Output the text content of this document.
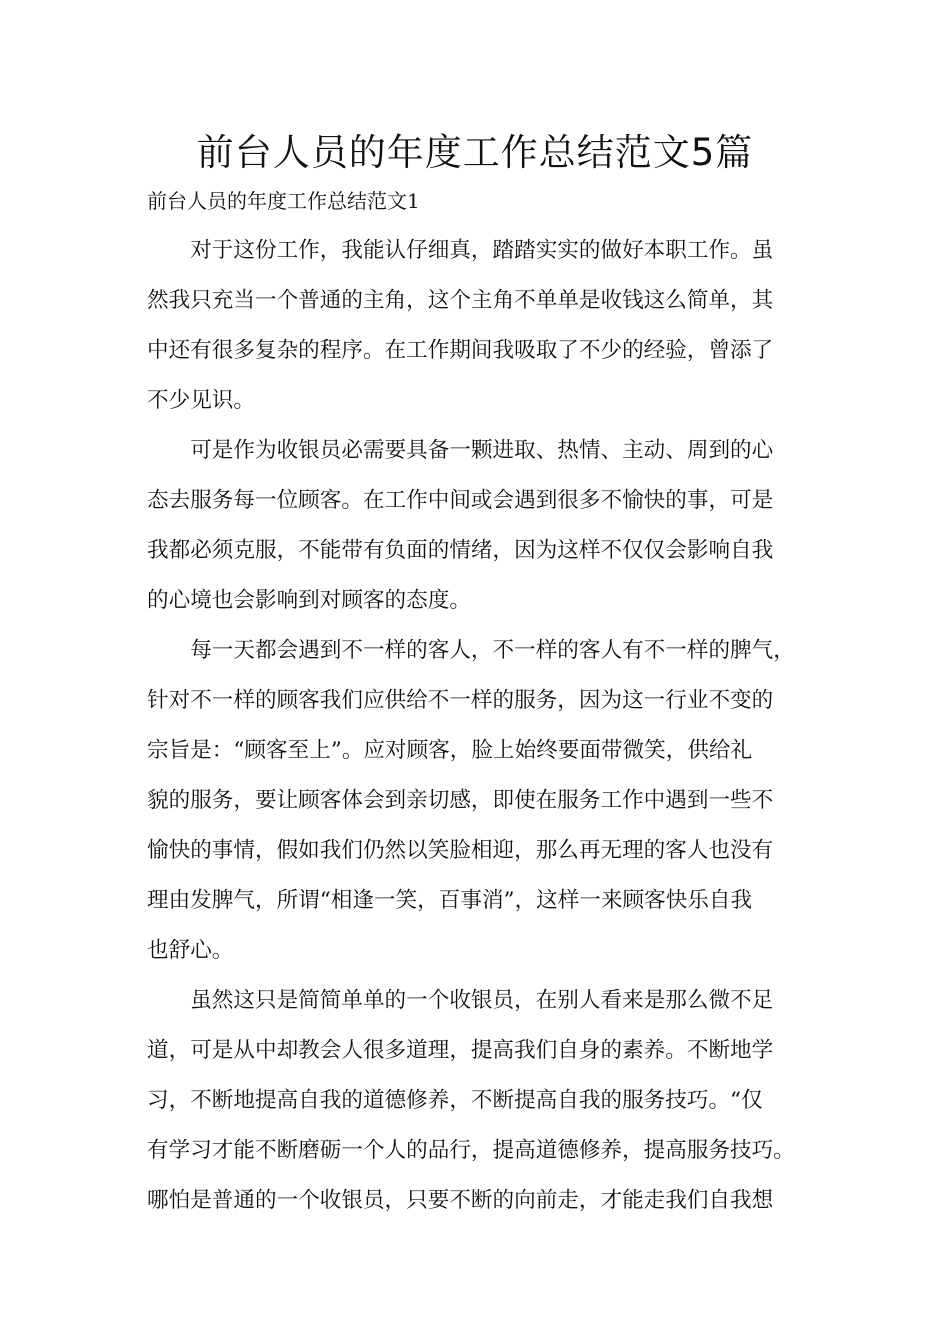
前台人员的年度工作总结范文5篇

前台人员的年度工作总结范文1

　　对于这份工作，我能认仔细真，踏踏实实的做好本职工作。虽

然我只充当一个普通的主角，这个主角不单单是收钱这么简单，其

中还有很多复杂的程序。在工作期间我吸取了不少的经验，曾添了

不少见识。

　　可是作为收银员必需要具备一颗进取、热情、主动、周到的心

态去服务每一位顾客。在工作中间或会遇到很多不愉快的事，可是

我都必须克服，不能带有负面的情绪，因为这样不仅仅会影响自我

的心境也会影响到对顾客的态度。

　　每一天都会遇到不一样的客人，不一样的客人有不一样的脾气，

针对不一样的顾客我们应供给不一样的服务，因为这一行业不变的

宗旨是：“顾客至上”。应对顾客，脸上始终要面带微笑，供给礼

貌的服务，要让顾客体会到亲切感，即使在服务工作中遇到一些不

愉快的事情，假如我们仍然以笑脸相迎，那么再无理的客人也没有

理由发脾气，所谓“相逢一笑，百事消”，这样一来顾客快乐自我

也舒心。

　　虽然这只是简简单单的一个收银员，在别人看来是那么微不足

道，可是从中却教会人很多道理，提高我们自身的素养。不断地学

习，不断地提高自我的道德修养，不断提高自我的服务技巧。“仅

有学习才能不断磨砺一个人的品行，提高道德修养，提高服务技巧。

哪怕是普通的一个收银员，只要不断的向前走，才能走我们自我想
